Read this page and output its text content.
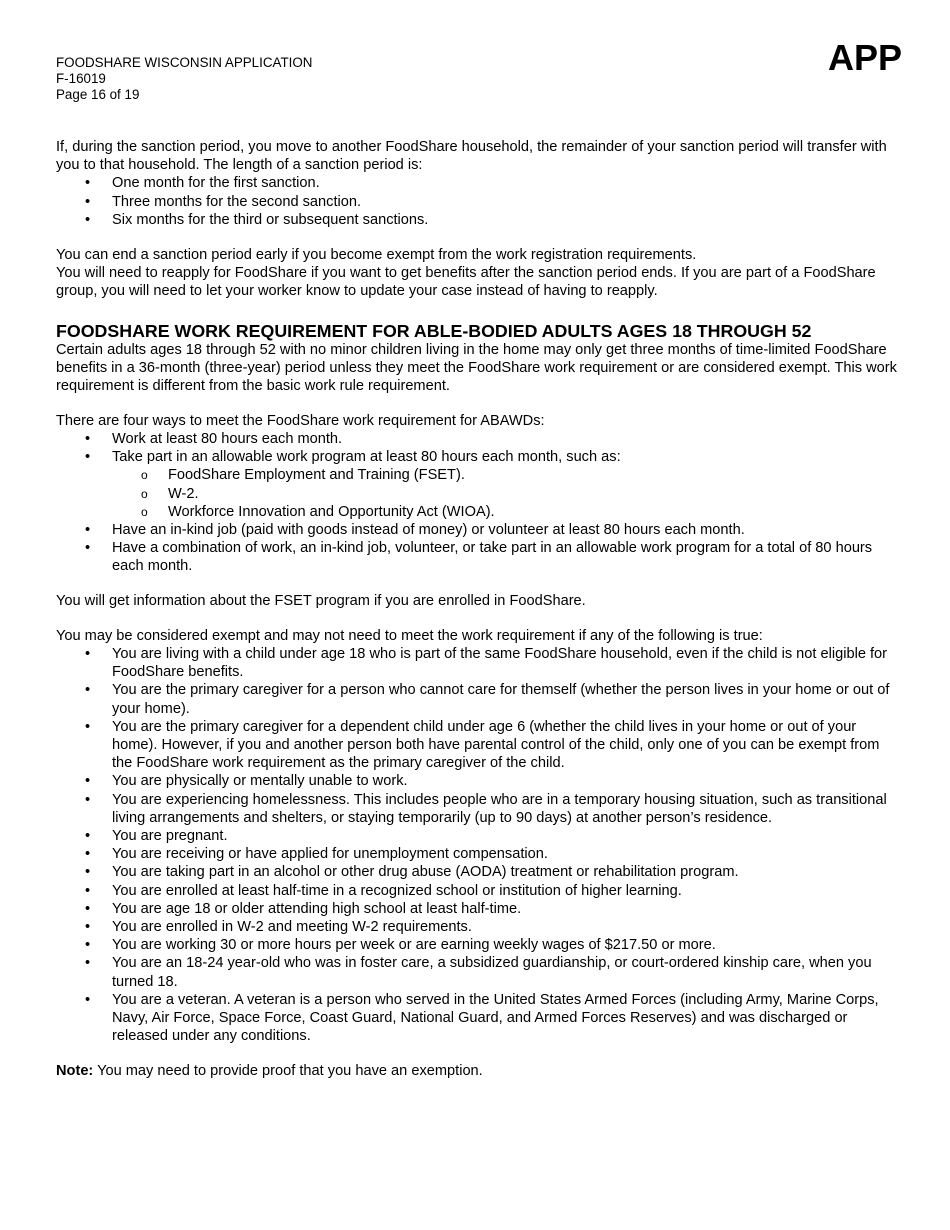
FOODSHARE WISCONSIN APPLICATION
F-16019
Page 16 of 19
APP

If, during the sanction period, you move to another FoodShare household, the remainder of your sanction period will transfer with you to that household. The length of a sanction period is:

• One month for the first sanction.
• Three months for the second sanction.
• Six months for the third or subsequent sanctions.

You can end a sanction period early if you become exempt from the work registration requirements.

You will need to reapply for FoodShare if you want to get benefits after the sanction period ends. If you are part of a FoodShare group, you will need to let your worker know to update your case instead of having to reapply.

FOODSHARE WORK REQUIREMENT FOR ABLE-BODIED ADULTS AGES 18 THROUGH 52

Certain adults ages 18 through 52 with no minor children living in the home may only get three months of time-limited FoodShare benefits in a 36-month (three-year) period unless they meet the FoodShare work requirement or are considered exempt. This work requirement is different from the basic work rule requirement.

There are four ways to meet the FoodShare work requirement for ABAWDs:

• Work at least 80 hours each month.
• Take part in an allowable work program at least 80 hours each month, such as:
o FoodShare Employment and Training (FSET).
o W-2.
o Workforce Innovation and Opportunity Act (WIOA).
• Have an in-kind job (paid with goods instead of money) or volunteer at least 80 hours each month.
• Have a combination of work, an in-kind job, volunteer, or take part in an allowable work program for a total of 80 hours each month.

You will get information about the FSET program if you are enrolled in FoodShare.

You may be considered exempt and may not need to meet the work requirement if any of the following is true:

• You are living with a child under age 18 who is part of the same FoodShare household, even if the child is not eligible for FoodShare benefits.
• You are the primary caregiver for a person who cannot care for themself (whether the person lives in your home or out of your home).
• You are the primary caregiver for a dependent child under age 6 (whether the child lives in your home or out of your home). However, if you and another person both have parental control of the child, only one of you can be exempt from the FoodShare work requirement as the primary caregiver of the child.
• You are physically or mentally unable to work.
• You are experiencing homelessness. This includes people who are in a temporary housing situation, such as transitional living arrangements and shelters, or staying temporarily (up to 90 days) at another person’s residence.
• You are pregnant.
• You are receiving or have applied for unemployment compensation.
• You are taking part in an alcohol or other drug abuse (AODA) treatment or rehabilitation program.
• You are enrolled at least half-time in a recognized school or institution of higher learning.
• You are age 18 or older attending high school at least half-time.
• You are enrolled in W-2 and meeting W-2 requirements.
• You are working 30 or more hours per week or are earning weekly wages of $217.50 or more.
• You are an 18-24 year-old who was in foster care, a subsidized guardianship, or court-ordered kinship care, when you turned 18.
• You are a veteran. A veteran is a person who served in the United States Armed Forces (including Army, Marine Corps, Navy, Air Force, Space Force, Coast Guard, National Guard, and Armed Forces Reserves) and was discharged or released under any conditions.

Note: You may need to provide proof that you have an exemption.
